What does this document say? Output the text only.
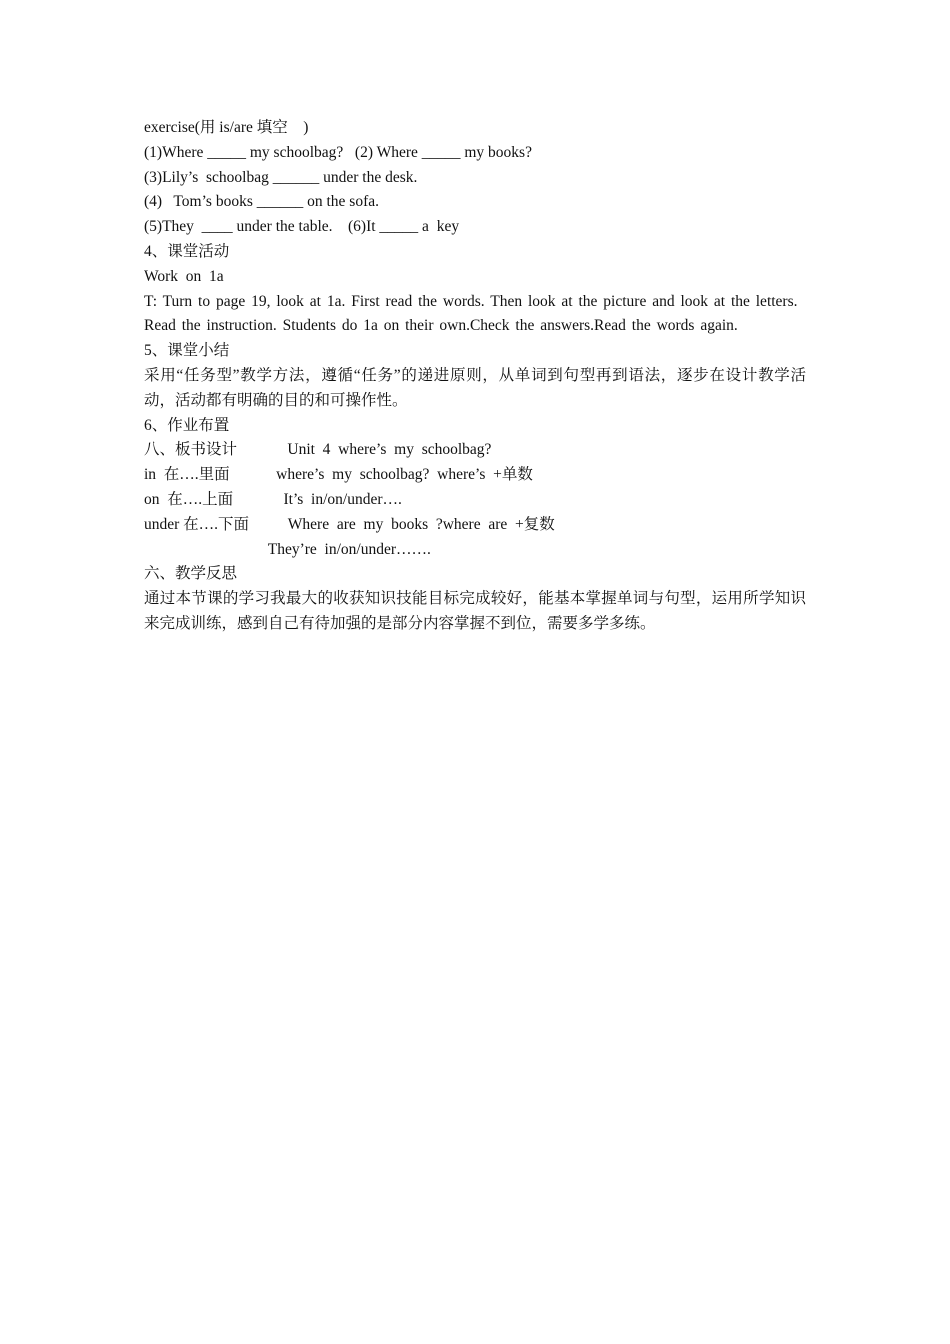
exercise(用 is/are 填空    )

(1)Where _____ my schoolbag?   (2) Where _____ my books?

(3)Lily’s  schoolbag ______ under the desk.

(4)   Tom’s books ______ on the sofa.

(5)They  ____ under the table.    (6)It _____ a  key

4、课堂活动

Work  on  1a

T: Turn to page 19, look at 1a. First read the words. Then look at the picture and look at the letters.

Read the instruction. Students do 1a on their own.Check the answers.Read the words again.

5、课堂小结

采用“任务型”教学方法，遵循“任务”的递进原则，从单词到句型再到语法，逐步在设计教学活动，活动都有明确的目的和可操作性。

6、作业布置

八、板书设计             Unit  4  where’s  my  schoolbag?

in  在….里面            where’s  my  schoolbag?  where’s  +单数

on  在….上面             It’s  in/on/under….

under 在….下面          Where  are  my  books  ?where  are  +复数

They’re  in/on/under…….

六、教学反思

通过本节课的学习我最大的收获知识技能目标完成较好，能基本掌握单词与句型，运用所学知识来完成训练，感到自己有待加强的是部分内容掌握不到位，需要多学多练。
